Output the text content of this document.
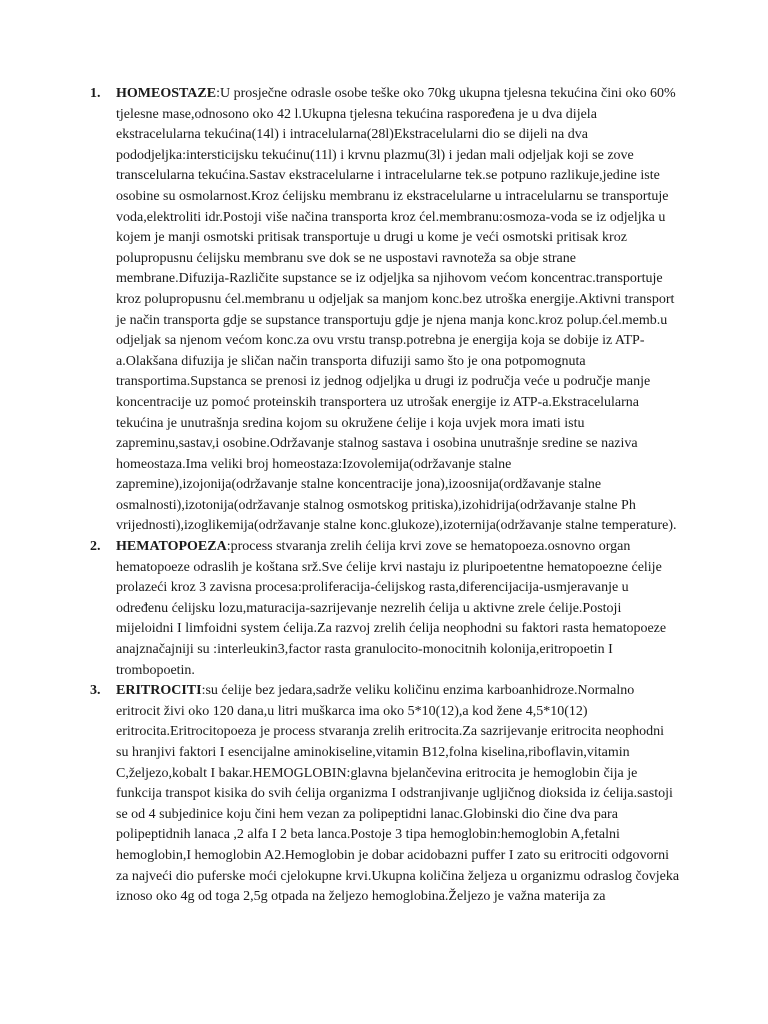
1. HOMEOSTAZE:U prosječne odrasle osobe teške oko 70kg ukupna tjelesna tekućina čini oko 60% tjelesne mase,odnosono oko 42 l.Ukupna tjelesna tekućina raspoređena je u dva dijela ekstracelularna tekućina(14l) i intracelularna(28l)Ekstracelularni dio se dijeli na dva pododjeljka:intersticijsku tekućinu(11l) i krvnu plazmu(3l) i jedan mali odjeljak koji se zove transcelularna tekućina.Sastav ekstracelularne i intracelularne tek.se potpuno razlikuje,jedine iste osobine su osmolarnost.Kroz ćelijsku membranu iz ekstracelularne u intracelularnu se transportuje voda,elektroliti idr.Postoji više načina transporta kroz ćel.membranu:osmoza-voda se iz odjeljka u kojem je manji osmotski pritisak transportuje u drugi u kome je veći osmotski pritisak kroz polupropusnu ćelijsku membranu sve dok se ne uspostavi ravnoteža sa obje strane membrane.Difuzija-Različite supstance se iz odjeljka sa njihovom većom koncentrac.transportuje kroz polupropusnu ćel.membranu u odjeljak sa manjom konc.bez utroška energije.Aktivni transport je način transporta gdje se supstance transportuju gdje je njena manja konc.kroz polup.ćel.memb.u odjeljak sa njenom većom konc.za ovu vrstu transp.potrebna je energija koja se dobije iz ATP-a.Olakšana difuzija je sličan način transporta difuziji samo što je ona potpomognuta transportima.Supstanca se prenosi iz jednog odjeljka u drugi iz područja veće u područje manje koncentracije uz pomoć proteinskih transportera uz utrošak energije iz ATP-a.Ekstracelularna tekućina je unutrašnja sredina kojom su okružene ćelije i koja uvjek mora imati istu zapreminu,sastav,i osobine.Održavanje stalnog sastava i osobina unutrašnje sredine se naziva homeostaza.Ima veliki broj homeostaza:Izovolemija(održavanje stalne zapremine),izojonija(održavanje stalne koncentracije jona),izoosnija(ordžavanje stalne osmalnosti),izotonija(održavanje stalnog osmotskog pritiska),izohidrija(održavanje stalne Ph vrijednosti),izoglikemija(održavanje stalne konc.glukoze),izoternija(održavanje stalne temperature).
2. HEMATOPOEZA:process stvaranja zrelih ćelija krvi zove se hematopoeza.osnovno organ hematopoeze odraslih je koštana srž.Sve ćelije krvi nastaju iz pluripoetentne hematopoezne ćelije prolazeći kroz 3 zavisna procesa:proliferacija-ćelijskog rasta,diferencijacija-usmjeravanje u određenu ćelijsku lozu,maturacija-sazrijevanje nezrelih ćelija u aktivne zrele ćelije.Postoji mijeloidni I limfoidni system ćelija.Za razvoj zrelih ćelija neophodni su faktori rasta hematopoeze anajznačajniji su :interleukin3,factor rasta granulocito-monocitnih kolonija,eritropoetin I trombopoetin.
3. ERITROCITI:su ćelije bez jedara,sadrže veliku količinu enzima karboanhidroze.Normalno eritrocit živi oko 120 dana,u litri muškarca ima oko 5*10(12),a kod žene 4,5*10(12) eritrocita.Eritrocitopoeza je process stvaranja zrelih eritrocita.Za sazrijevanje eritrocita neophodni su hranjivi faktori I esencijalne aminokiseline,vitamin B12,folna kiselina,riboflavin,vitamin C,željezo,kobalt I bakar.HEMOGLOBIN:glavna bjelančevina eritrocita je hemoglobin čija je funkcija transpot kisika do svih ćelija organizma I odstranjivanje ugljičnog dioksida iz ćelija.sastoji se od 4 subjedinice koju čini hem vezan za polipeptidni lanac.Globinski dio čine dva para polipeptidnih lanaca ,2 alfa I 2 beta lanca.Postoje 3 tipa hemoglobin:hemoglobin A,fetalni hemoglobin,I hemoglobin A2.Hemoglobin je dobar acidobazni puffer I zato su eritrociti odgovorni za najveći dio puferske moći cjelokupne krvi.Ukupna količina željeza u organizmu odraslog čovjeka iznoso oko 4g od toga 2,5g otpada na željezo hemoglobina.Željezo je važna materija za
